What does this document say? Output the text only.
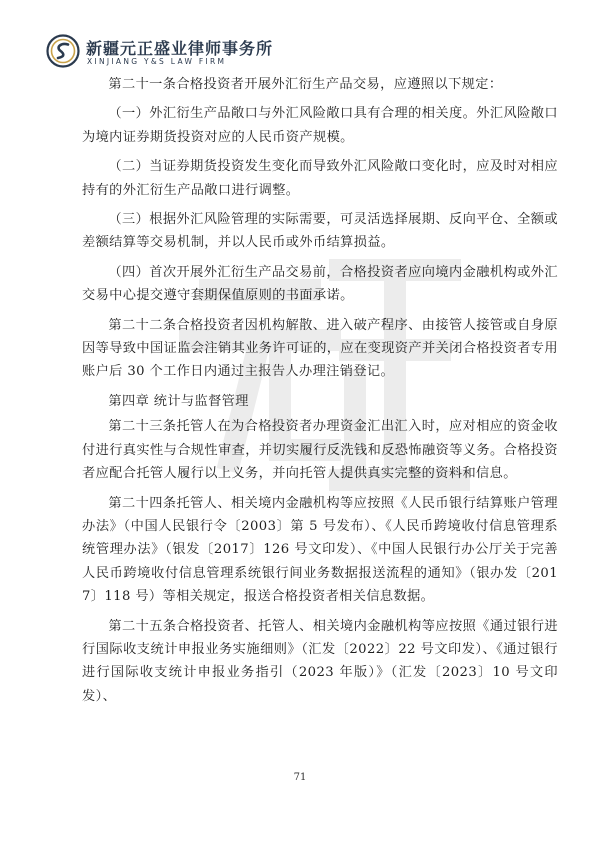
新疆元正盛业律师事务所
XINJIANG Y&S LAW FIRM

第二十一条合格投资者开展外汇衍生产品交易，应遵照以下规定：

（一）外汇衍生产品敞口与外汇风险敞口具有合理的相关度。外汇风险敞口为境内证券期货投资对应的人民币资产规模。

（二）当证券期货投资发生变化而导致外汇风险敞口变化时，应及时对相应持有的外汇衍生产品敞口进行调整。

（三）根据外汇风险管理的实际需要，可灵活选择展期、反向平仓、全额或差额结算等交易机制，并以人民币或外币结算损益。

（四）首次开展外汇衍生产品交易前，合格投资者应向境内金融机构或外汇交易中心提交遵守套期保值原则的书面承诺。

第二十二条合格投资者因机构解散、进入破产程序、由接管人接管或自身原因等导致中国证监会注销其业务许可证的，应在变现资产并关闭合格投资者专用账户后 30 个工作日内通过主报告人办理注销登记。

第四章 统计与监督管理

第二十三条托管人在为合格投资者办理资金汇出汇入时，应对相应的资金收付进行真实性与合规性审查，并切实履行反洗钱和反恐怖融资等义务。合格投资者应配合托管人履行以上义务，并向托管人提供真实完整的资料和信息。

第二十四条托管人、相关境内金融机构等应按照《人民币银行结算账户管理办法》（中国人民银行令〔2003〕第 5 号发布）、《人民币跨境收付信息管理系统管理办法》（银发〔2017〕126 号文印发）、《中国人民银行办公厅关于完善人民币跨境收付信息管理系统银行间业务数据报送流程的通知》（银办发〔2017〕118 号）等相关规定，报送合格投资者相关信息数据。

第二十五条合格投资者、托管人、相关境内金融机构等应按照《通过银行进行国际收支统计申报业务实施细则》（汇发〔2022〕22 号文印发）、《通过银行进行国际收支统计申报业务指引（2023 年版）》（汇发〔2023〕10 号文印发）、

71
